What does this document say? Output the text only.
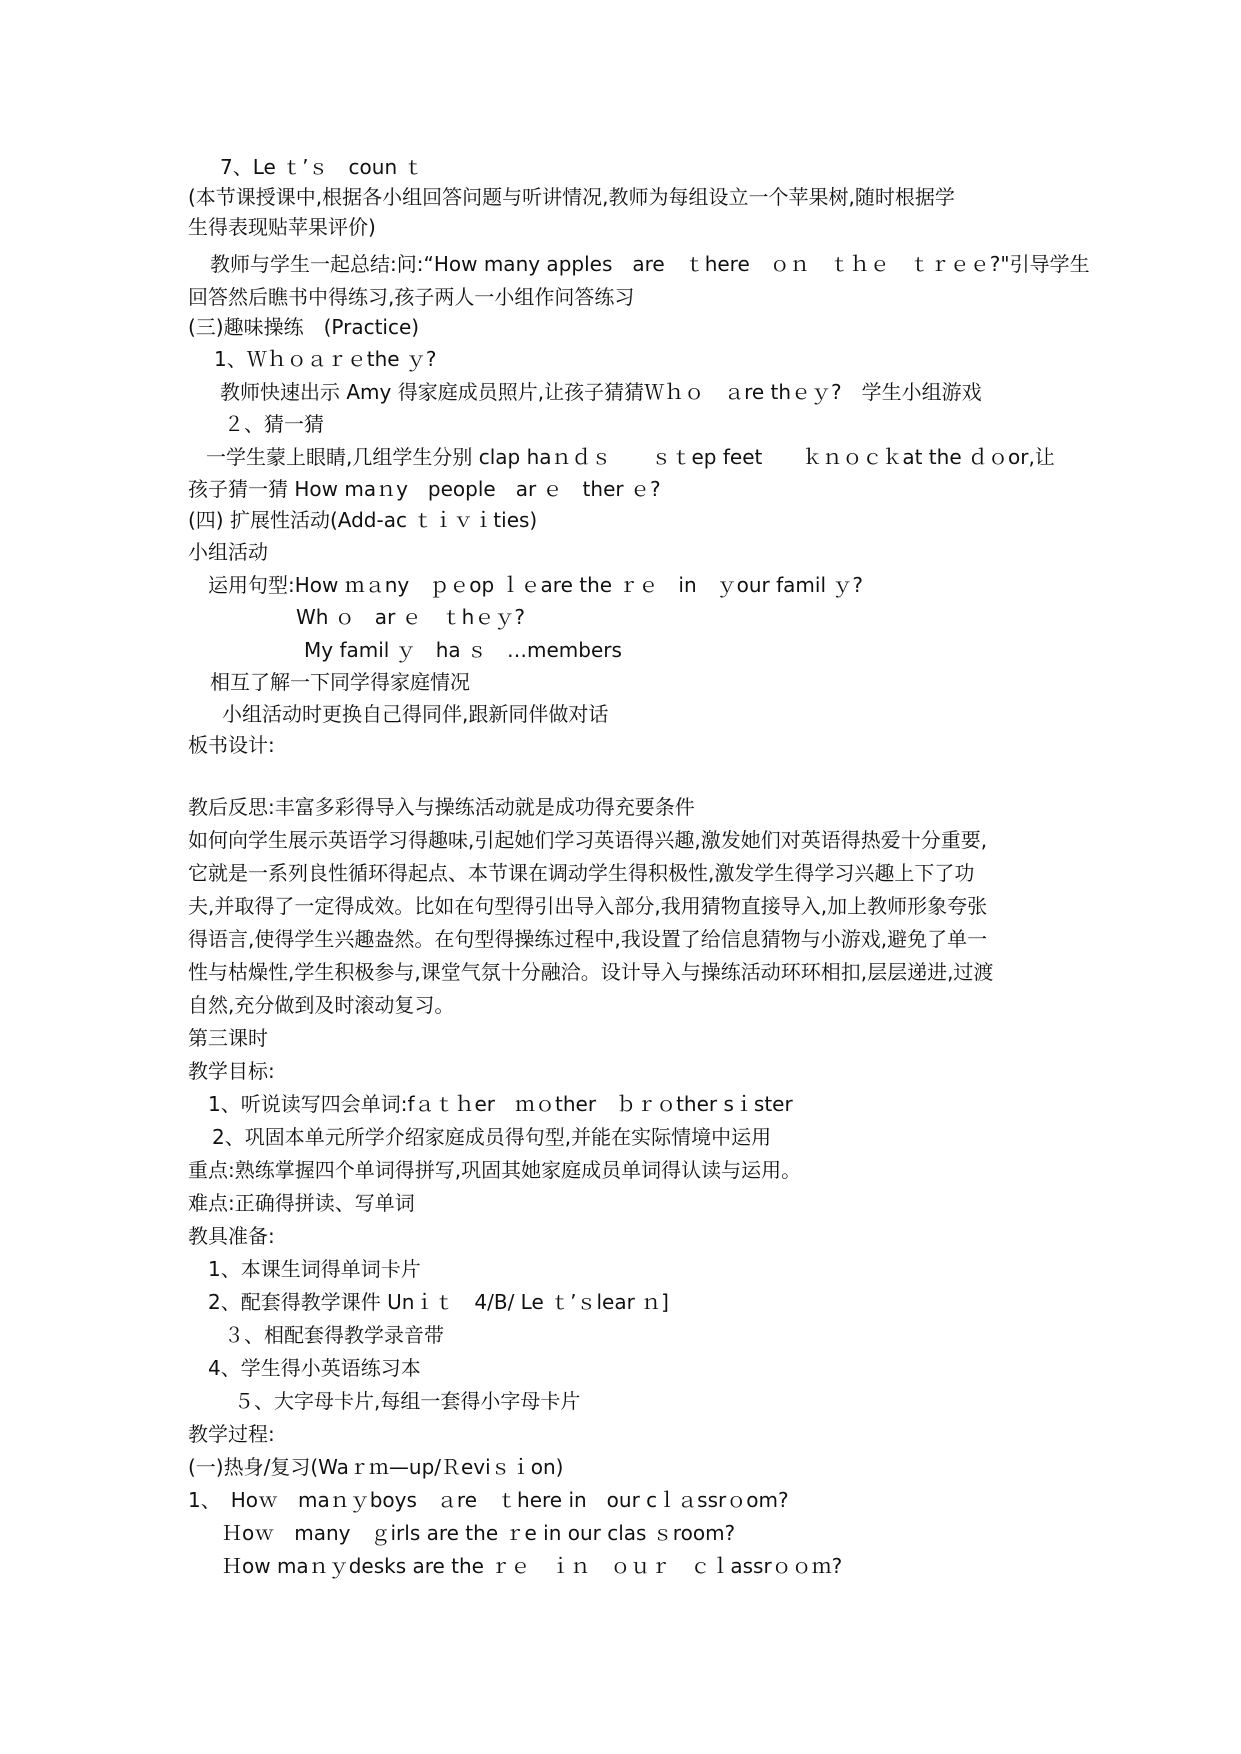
7、Le ｔ’ｓ　coun ｔ
(本节课授课中,根据各小组回答问题与听讲情况,教师为每组设立一个苹果树,随时根据学
生得表现贴苹果评价)
教师与学生一起总结:问:“How many apples　are　ｔhere　ｏｎ　ｔｈｅ　ｔｒｅｅ?"引导学生
回答然后瞧书中得练习,孩子两人一小组作问答练习
(三)趣味操练　(Practice)
1、Ｗｈｏａｒｅthe ｙ?
教师快速出示 Amy 得家庭成员照片,让孩子猜猜Ｗｈｏ　ａre thｅｙ?　学生小组游戏
２、猜一猜
一学生蒙上眼睛,几组学生分别 clap haｎｄｓ　　ｓｔep feet　　ｋｎｏｃｋat the ｄｏor,让
孩子猜一猜 How maｎy　people　ar ｅ　ther ｅ?
(四) 扩展性活动(Add-ac ｔｉｖｉties)
小组活动
运用句型:How ｍａny　ｐｅop ｌｅare the ｒｅ　in　ｙour famil ｙ?
Wh ｏ　ar ｅ　ｔhｅｙ?
My famil ｙ　ha ｓ　…members
相互了解一下同学得家庭情况
小组活动时更换自己得同伴,跟新同伴做对话
板书设计:
教后反思:丰富多彩得导入与操练活动就是成功得充要条件
如何向学生展示英语学习得趣味,引起她们学习英语得兴趣,激发她们对英语得热爱十分重要,
它就是一系列良性循环得起点、本节课在调动学生得积极性,激发学生得学习兴趣上下了功
夫,并取得了一定得成效。比如在句型得引出导入部分,我用猜物直接导入,加上教师形象夸张
得语言,使得学生兴趣盎然。在句型得操练过程中,我设置了给信息猜物与小游戏,避免了单一
性与枯燥性,学生积极参与,课堂气氛十分融洽。设计导入与操练活动环环相扣,层层递进,过渡
自然,充分做到及时滚动复习。
第三课时
教学目标:
1、听说读写四会单词:fａｔｈer　ｍｏther　ｂｒｏther sｉster
2、巩固本单元所学介绍家庭成员得句型,并能在实际情境中运用
重点:熟练掌握四个单词得拼写,巩固其她家庭成员单词得认读与运用。
难点:正确得拼读、写单词
教具准备:
1、本课生词得单词卡片
2、配套得教学课件 Unｉｔ　4/B/ Le ｔ’ｓlear ｎ]
３、相配套得教学录音带
4、学生得小英语练习本
５、大字母卡片,每组一套得小字母卡片
教学过程:
(一)热身/复习(Waｒｍ—up/Ｒeviｓｉon)
1、　Hoｗ　maｎｙboys　ａre　ｔhere in　our cｌａssrｏom?
Ｈoｗ　many　ｇirls are the ｒe in our clas ｓroom?
Ｈow maｎｙdesks are the ｒｅ　ｉｎ　ｏｕｒ　ｃｌassrｏｏｍ?
